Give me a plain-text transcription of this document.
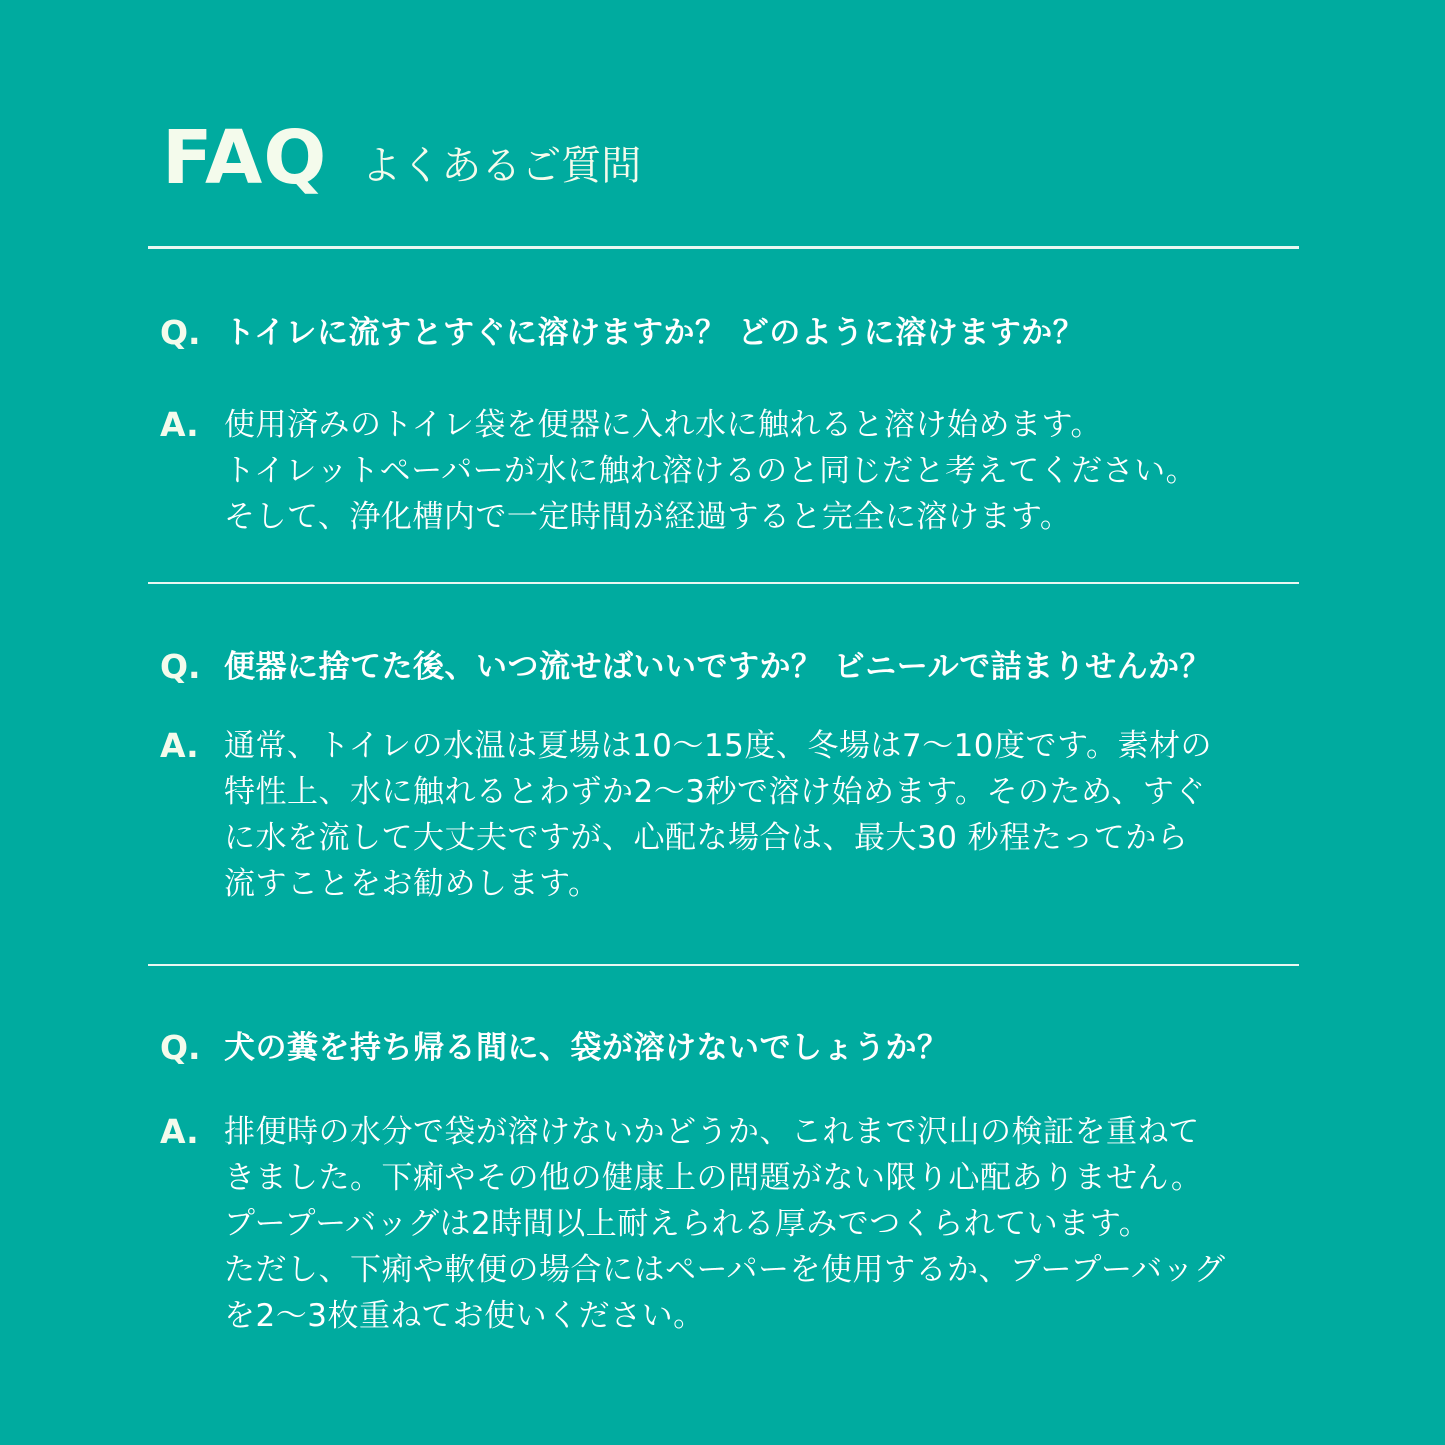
FAQ よくあるご質問
Q. トイレに流すとすぐに溶けますか？ どのように溶けますか？
A. 使用済みのトイレ袋を便器に入れ水に触れると溶け始めます。
トイレットペーパーが水に触れ溶けるのと同じだと考えてください。
そして、浄化槽内で一定時間が経過すると完全に溶けます。
Q. 便器に捨てた後、いつ流せばいいですか？ ビニールで詰まりせんか？
A. 通常、トイレの水温は夏場は10～15度、冬場は7～10度です。素材の
特性上、水に触れるとわずか2～3秒で溶け始めます。そのため、すぐ
に水を流して大丈夫ですが、心配な場合は、最大30 秒程たってから
流すことをお勧めします。
Q. 犬の糞を持ち帰る間に、袋が溶けないでしょうか？
A. 排便時の水分で袋が溶けないかどうか、これまで沢山の検証を重ねて
きました。下痢やその他の健康上の問題がない限り心配ありません。
プープーバッグは2時間以上耐えられる厚みでつくられています。
ただし、下痢や軟便の場合にはペーパーを使用するか、プープーバッグ
を2～3枚重ねてお使いください。
